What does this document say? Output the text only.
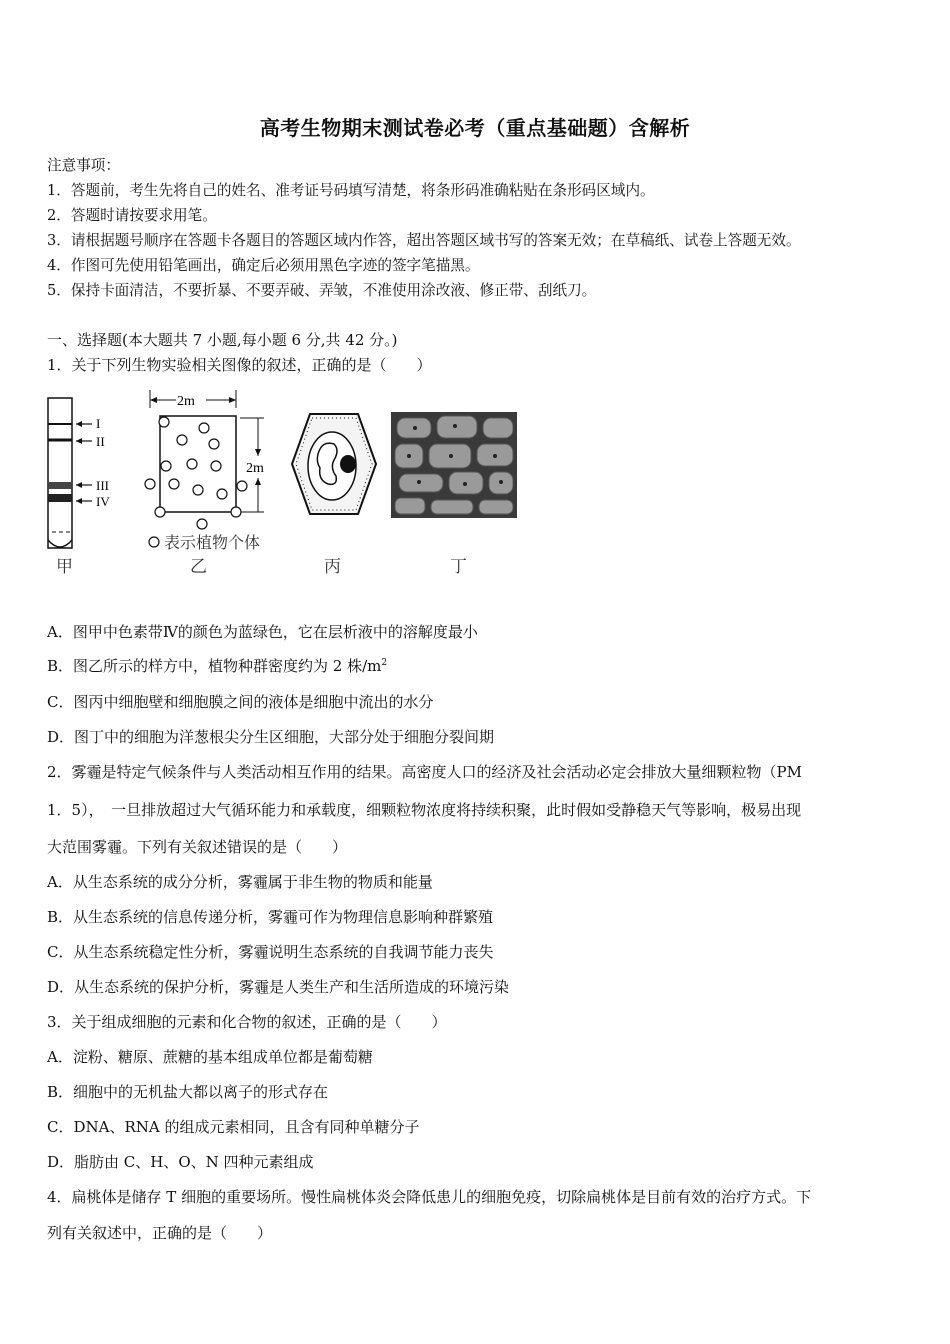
高考生物期末测试卷必考（重点基础题）含解析
注意事项：
1．答题前，考生先将自己的姓名、准考证号码填写清楚，将条形码准确粘贴在条形码区域内。
2．答题时请按要求用笔。
3．请根据题号顺序在答题卡各题目的答题区域内作答，超出答题区域书写的答案无效；在草稿纸、试卷上答题无效。
4．作图可先使用铅笔画出，确定后必须用黑色字迹的签字笔描黑。
5．保持卡面清洁，不要折暴、不要弄破、弄皱，不准使用涂改液、修正带、刮纸刀。
一、选择题(本大题共 7 小题,每小题 6 分,共 42 分。)
1．关于下列生物实验相关图像的叙述，正确的是（　　）
I
II
III
IV
2m
2m
表示植物个体
甲	乙	丙	丁
A．图甲中色素带Ⅳ的颜色为蓝绿色，它在层析液中的溶解度最小
B．图乙所示的样方中，植物种群密度约为 2 株$/m^2$
C．图丙中细胞壁和细胞膜之间的液体是细胞中流出的水分
D．图丁中的细胞为洋葱根尖分生区细胞，大部分处于细胞分裂间期
2．雾霾是特定气候条件与人类活动相互作用的结果。高密度人口的经济及社会活动必定会排放大量细颗粒物（PM
1．5），　一旦排放超过大气循环能力和承载度，细颗粒物浓度将持续积聚，此时假如受静稳天气等影响，极易出现
大范围雾霾。下列有关叙述错误的是（　　）
A．从生态系统的成分分析，雾霾属于非生物的物质和能量
B．从生态系统的信息传递分析，雾霾可作为物理信息影响种群繁殖
C．从生态系统稳定性分析，雾霾说明生态系统的自我调节能力丧失
D．从生态系统的保护分析，雾霾是人类生产和生活所造成的环境污染
3．关于组成细胞的元素和化合物的叙述，正确的是（　　）
A．淀粉、糖原、蔗糖的基本组成单位都是葡萄糖
B．细胞中的无机盐大都以离子的形式存在
C．DNA、RNA 的组成元素相同，且含有同种单糖分子
D．脂肪由 C、H、O、N 四种元素组成
4．扁桃体是储存 T 细胞的重要场所。慢性扁桃体炎会降低患儿的细胞免疫，切除扁桃体是目前有效的治疗方式。下
列有关叙述中，正确的是（　　）
